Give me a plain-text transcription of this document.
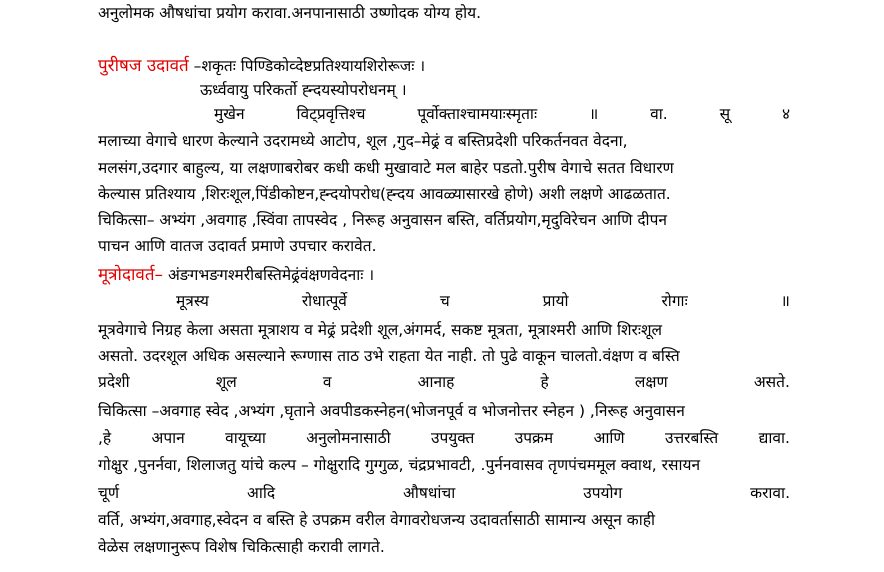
अनुलोमक औषधांचा प्रयोग करावा.अनपानासाठी उष्णोदक योग्य होय.
पुरीषज उदावर्त –शकृतः पिण्डिकोव्देष्टप्रतिश्यायशिरोरूजः ।
ऊर्ध्ववायु परिकर्तो ह्न्दयस्योपरोधनम् ।
मुखेन	विट्प्रवृत्तिश्च	पूर्वोक्ताश्चामयाःस्मृताः	॥	वा.	सू	४
मलाच्या वेगाचे धारण केल्याने उदरामध्ये आटोप, शूल ,गुद–मेढ्रं व बस्तिप्रदेशी परिकर्तनवत वेदना,
मलसंग,उदगार बाहुल्य, या लक्षणाबरोबर कधी कधी मुखावाटे मल बाहेर पडतो.पुरीष वेगाचे सतत विधारण
केल्यास प्रतिश्याय ,शिरःशूल,पिंडीकोष्टन,ह्न्दयोपरोध(ह्न्दय आवळ्यासारखे होणे) अशी लक्षणे आढळतात.
चिकित्सा– अभ्यंग ,अवगाह ,स्विंवा तापस्वेद , निरूह अनुवासन बस्ति, वर्तिप्रयोग,मृदुविरेचन आणि दीपन
पाचन आणि वातज उदावर्त प्रमाणे उपचार करावेत.
मूत्रोदावर्त– अंङगभङगश्मरीबस्तिमेढ्रंवंक्षणवेदनाः ।
मूत्रस्य	रोधात्पूर्वे	च	प्रायो	रोगाः	॥
मूत्रवेगाचे निग्रह केला असता मूत्राशय व मेढ्रं प्रदेशी शूल,अंगमर्द, सकष्ट मूत्रता, मूत्राश्मरी आणि शिरःशूल
असतो. उदरशूल अधिक असल्याने रूग्णास ताठ उभे राहता येत नाही. तो पुढे वाकून चालतो.वंक्षण व बस्ति
प्रदेशी	शूल	व	आनाह	हे	लक्षण	असते.
चिकित्सा –अवगाह स्वेद ,अभ्यंग ,घृताने अवपीडकस्नेहन(भोजनपूर्व व भोजनोत्तर स्नेहन ) ,निरूह अनुवासन
,हे	अपान	वायूच्या	अनुलोमनासाठी	उपयुक्त	उपक्रम	आणि	उत्तरबस्ति	द्यावा.
गोक्षुर ,पुनर्नवा, शिलाजतु यांचे कल्प – गोक्षुरादि गुग्गुळ, चंद्रप्रभावटी, .पुर्ननवासव तृणपंचममूल क्वाथ, रसायन
चूर्ण	आदि	औषधांचा	उपयोग	करावा.
वर्ति, अभ्यंग,अवगाह,स्वेदन व बस्ति हे उपक्रम वरील वेगावरोधजन्य उदावर्तासाठी सामान्य असून काही
वेळेस लक्षणानुरूप विशेष चिकित्साही करावी लागते.
